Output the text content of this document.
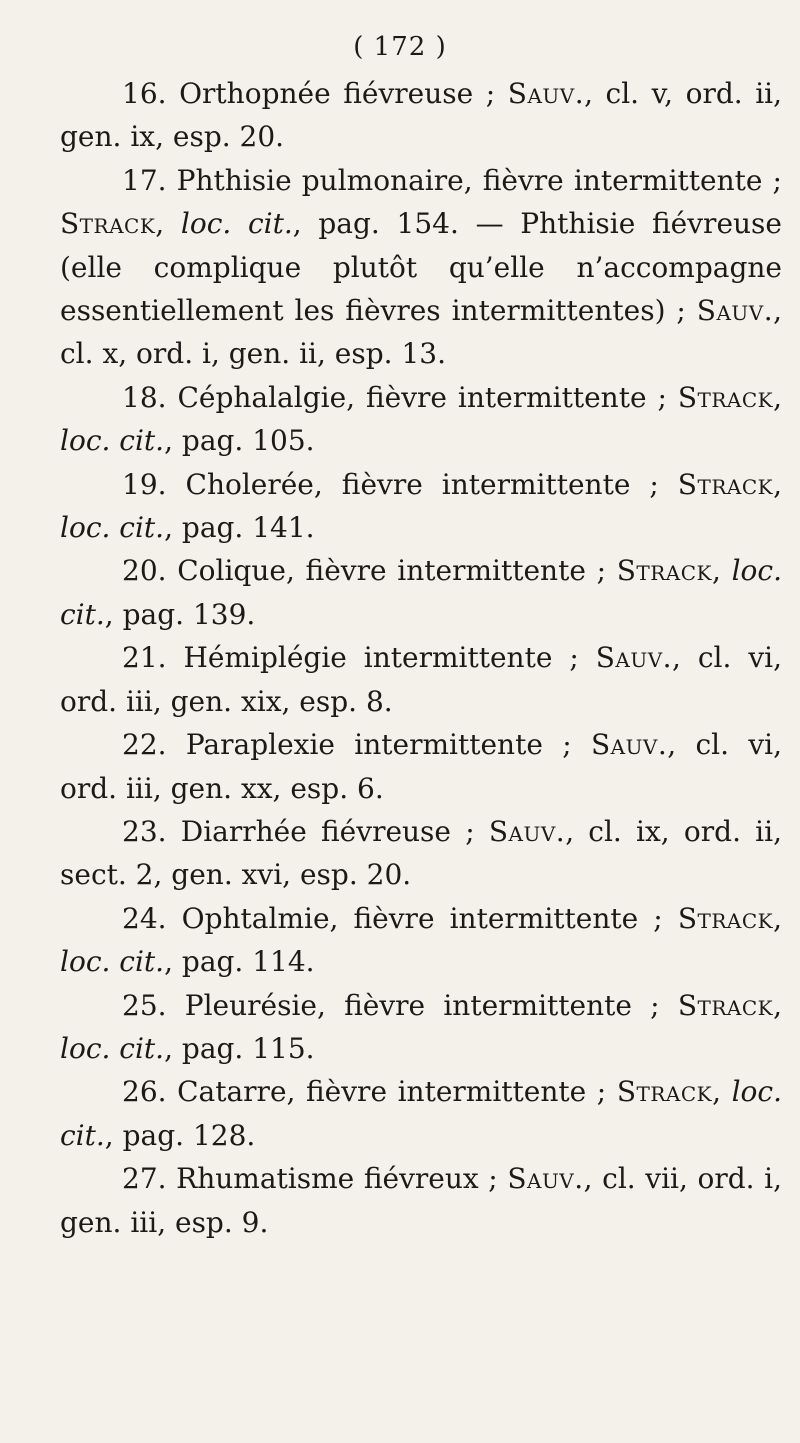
( 172 )

16. Orthopnée fiévreuse ; Sauv., cl. v, ord. ii, gen. ix, esp. 20.

17. Phthisie pulmonaire, fièvre intermittente ; Strack, loc. cit., pag. 154. — Phthisie fiévreuse (elle complique plutôt qu’elle n’accompagne essentiellement les fièvres intermittentes) ; Sauv., cl. x, ord. i, gen. ii, esp. 13.

18. Céphalalgie, fièvre intermittente ; Strack, loc. cit., pag. 105.

19. Cholerée, fièvre intermittente ; Strack, loc. cit., pag. 141.

20. Colique, fièvre intermittente ; Strack, loc. cit., pag. 139.

21. Hémiplégie intermittente ; Sauv., cl. vi, ord. iii, gen. xix, esp. 8.

22. Paraplexie intermittente ; Sauv., cl. vi, ord. iii, gen. xx, esp. 6.

23. Diarrhée fiévreuse ; Sauv., cl. ix, ord. ii, sect. 2, gen. xvi, esp. 20.

24. Ophtalmie, fièvre intermittente ; Strack, loc. cit., pag. 114.

25. Pleurésie, fièvre intermittente ; Strack, loc. cit., pag. 115.

26. Catarre, fièvre intermittente ; Strack, loc. cit., pag. 128.

27. Rhumatisme fiévreux ; Sauv., cl. vii, ord. i, gen. iii, esp. 9.
